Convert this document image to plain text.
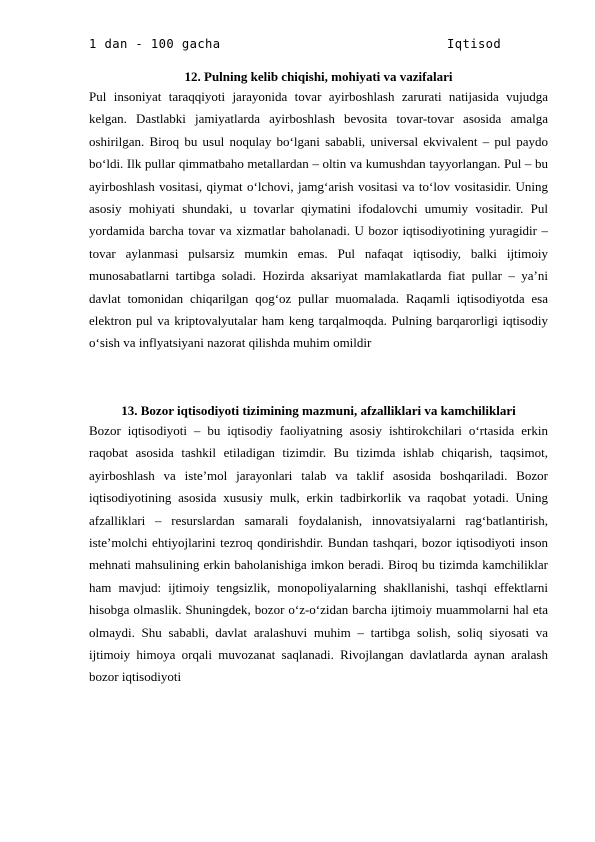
1 dan - 100 gacha	Iqtisod
12. Pulning kelib chiqishi, mohiyati va vazifalari

Pul insoniyat taraqqiyoti jarayonida tovar ayirboshlash zarurati natijasida vujudga kelgan. Dastlabki jamiyatlarda ayirboshlash bevosita tovar-tovar asosida amalga oshirilgan. Biroq bu usul noqulay bo‘lgani sababli, universal ekvivalent – pul paydo bo‘ldi. Ilk pullar qimmatbaho metallardan – oltin va kumushdan tayyorlangan. Pul – bu ayirboshlash vositasi, qiymat o‘lchovi, jamg‘arish vositasi va to‘lov vositasidir. Uning asosiy mohiyati shundaki, u tovarlar qiymatini ifodalovchi umumiy vositadir. Pul yordamida barcha tovar va xizmatlar baholanadi. U bozor iqtisodiyotining yuragidir – tovar aylanmasi pulsarsiz mumkin emas. Pul nafaqat iqtisodiy, balki ijtimoiy munosabatlarni tartibga soladi. Hozirda aksariyat mamlakatlarda fiat pullar – ya’ni davlat tomonidan chiqarilgan qog‘oz pullar muomalada. Raqamli iqtisodiyotda esa elektron pul va kriptovalyutalar ham keng tarqalmoqda. Pulning barqarorligi iqtisodiy o‘sish va inflyatsiyani nazorat qilishda muhim omildir

13. Bozor iqtisodiyoti tizimining mazmuni, afzalliklari va kamchiliklari

Bozor iqtisodiyoti – bu iqtisodiy faoliyatning asosiy ishtirokchilari o‘rtasida erkin raqobat asosida tashkil etiladigan tizimdir. Bu tizimda ishlab chiqarish, taqsimot, ayirboshlash va iste’mol jarayonlari talab va taklif asosida boshqariladi. Bozor iqtisodiyotining asosida xususiy mulk, erkin tadbirkorlik va raqobat yotadi. Uning afzalliklari – resurslardan samarali foydalanish, innovatsiyalarni rag‘batlantirish, iste’molchi ehtiyojlarini tezroq qondirishdir. Bundan tashqari, bozor iqtisodiyoti inson mehnati mahsulining erkin baholanishiga imkon beradi. Biroq bu tizimda kamchiliklar ham mavjud: ijtimoiy tengsizlik, monopoliyalarning shakllanishi, tashqi effektlarni hisobga olmaslik. Shuningdek, bozor o‘z-o‘zidan barcha ijtimoiy muammolarni hal eta olmaydi. Shu sababli, davlat aralashuvi muhim – tartibga solish, soliq siyosati va ijtimoiy himoya orqali muvozanat saqlanadi. Rivojlangan davlatlarda aynan aralash bozor iqtisodiyoti
